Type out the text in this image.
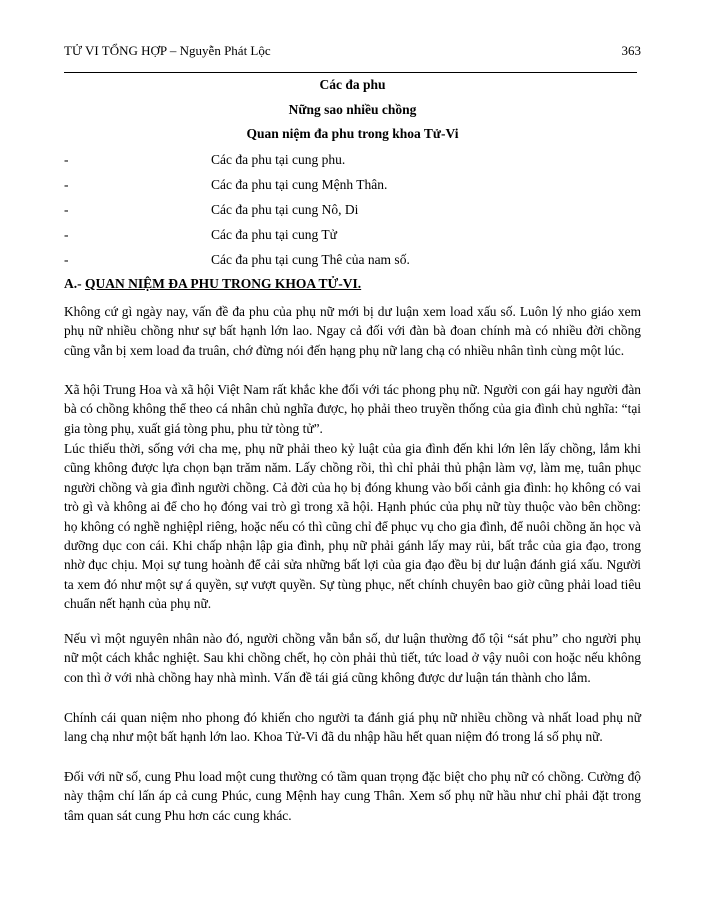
TỬ VI TỔNG HỢP – Nguyễn Phát Lộc	363
Các đa phu
Nững sao nhiều chồng
Quan niệm đa phu trong khoa Tử-Vi
-	Các đa phu tại cung phu.
-	Các đa phu tại cung Mệnh Thân.
-	Các đa phu tại cung Nô, Di
-	Các đa phu tại cung Tử
-	Các đa phu tại cung Thê của nam số.
A.- QUAN NIỆM ĐA PHU TRONG KHOA TỬ-VI.

Không cứ gì ngày nay, vấn đề đa phu của phụ nữ mới bị dư luận xem load xấu số. Luôn lý nho giáo xem phụ nữ nhiều chồng như sự bất hạnh lớn lao. Ngay cả đối với đàn bà đoan chính mà có nhiều đời chồng cũng vẫn bị xem load đa truân, chớ đừng nói đến hạng phụ nữ lang chạ có nhiều nhân tình cùng một lúc.

Xã hội Trung Hoa và xã hội Việt Nam rất khắc khe đối với tác phong phụ nữ. Người con gái hay người đàn bà có chồng không thể theo cá nhân chủ nghĩa được, họ phải theo truyền thống của gia đình chủ nghĩa: “tại gia tòng phụ, xuất giá tòng phu, phu tử tòng tử”.

Lúc thiếu thời, sống với cha mẹ, phụ nữ phải theo kỷ luật của gia đình đến khi lớn lên lấy chồng, lắm khi cũng không được lựa chọn bạn trăm năm. Lấy chồng rồi, thì chỉ phải thủ phận làm vợ, làm mẹ, tuân phục người chồng và gia đình người chồng. Cả đời của họ bị đóng khung vào bối cảnh gia đình: họ không có vai trò gì và không ai để cho họ đóng vai trò gì trong xã hội. Hạnh phúc của phụ nữ tùy thuộc vào bên chồng: họ không có nghề nghiệpl riêng, hoặc nếu có thì cũng chỉ để phục vụ cho gia đình, để nuôi chồng ăn học và dưỡng dục con cái. Khi chấp nhận lập gia đình, phụ nữ phải gánh lấy may rủi, bất trắc của gia đạo, trong nhờ đục chịu. Mọi sự tung hoành để cải sửa những bất lợi của gia đạo đều bị dư luận đánh giá xấu. Người ta xem đó như một sự á quyền, sự vượt quyền. Sự tùng phục, nết chính chuyên bao giờ cũng phải load tiêu chuẩn nết hạnh của phụ nữ.

Nếu vì một nguyên nhân nào đó, người chồng vẫn bắn số, dư luận thường đổ tội “sát phu” cho người phụ nữ một cách khắc nghiệt. Sau khi chồng chết, họ còn phải thủ tiết, tức load ở vậy nuôi con hoặc nếu không con thì ở với nhà chồng hay nhà mình. Vấn đề tái giá cũng không được dư luận tán thành cho lắm.

Chính cái quan niệm nho phong đó khiến cho người ta đánh giá phụ nữ nhiều chồng và nhất load phụ nữ lang chạ như một bất hạnh lớn lao. Khoa Tử-Vi đã du nhập hầu hết quan niệm đó trong lá số phụ nữ.

Đối với nữ số, cung Phu load một cung thường có tầm quan trọng đặc biệt cho phụ nữ có chồng. Cường độ này thậm chí lấn áp cả cung Phúc, cung Mệnh hay cung Thân. Xem số phụ nữ hầu như chỉ phải đặt trong tâm quan sát cung Phu hơn các cung khác.
